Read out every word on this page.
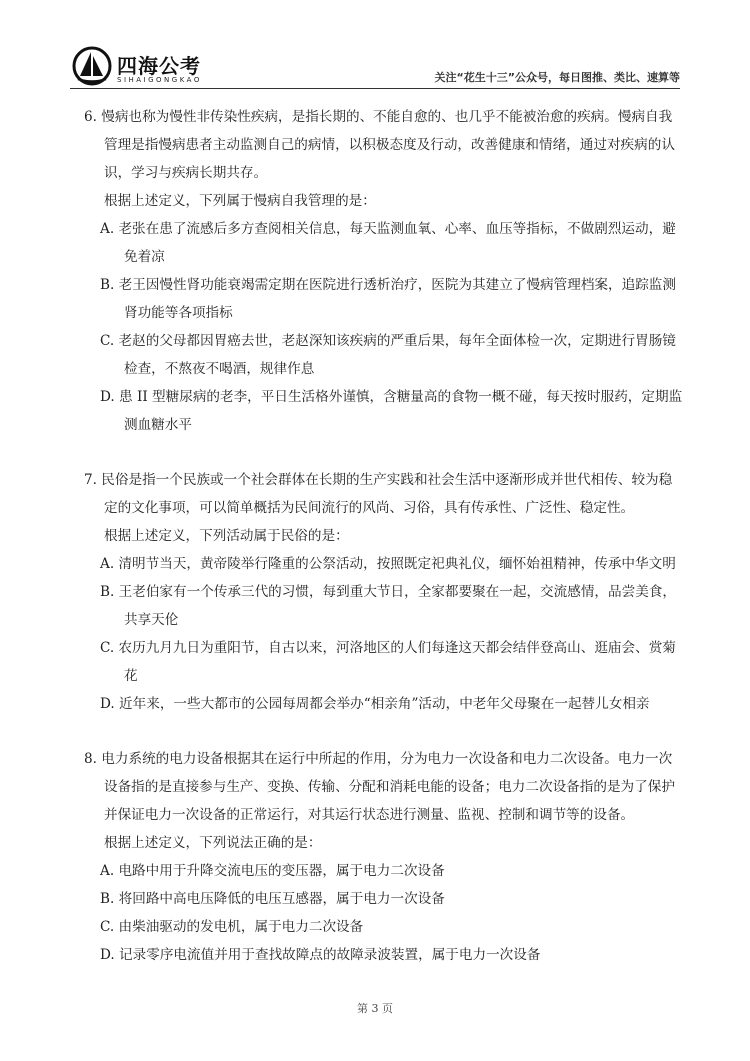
四海公考
SIHAIGONGKAO	关注“花生十三”公众号，每日图推、类比、速算等

6. 慢病也称为慢性非传染性疾病，是指长期的、不能自愈的、也几乎不能被治愈的疾病。慢病自我管理是指慢病患者主动监测自己的病情，以积极态度及行动，改善健康和情绪，通过对疾病的认识，学习与疾病长期共存。

根据上述定义，下列属于慢病自我管理的是：

A. 老张在患了流感后多方查阅相关信息，每天监测血氧、心率、血压等指标，不做剧烈运动，避免着凉

B. 老王因慢性肾功能衰竭需定期在医院进行透析治疗，医院为其建立了慢病管理档案，追踪监测肾功能等各项指标

C. 老赵的父母都因胃癌去世，老赵深知该疾病的严重后果，每年全面体检一次，定期进行胃肠镜检查，不熬夜不喝酒，规律作息

D. 患 II 型糖尿病的老李，平日生活格外谨慎，含糖量高的食物一概不碰，每天按时服药，定期监测血糖水平

7. 民俗是指一个民族或一个社会群体在长期的生产实践和社会生活中逐渐形成并世代相传、较为稳定的文化事项，可以简单概括为民间流行的风尚、习俗，具有传承性、广泛性、稳定性。

根据上述定义，下列活动属于民俗的是：

A. 清明节当天，黄帝陵举行隆重的公祭活动，按照既定祀典礼仪，缅怀始祖精神，传承中华文明

B. 王老伯家有一个传承三代的习惯，每到重大节日，全家都要聚在一起，交流感情，品尝美食，共享天伦

C. 农历九月九日为重阳节，自古以来，河洛地区的人们每逢这天都会结伴登高山、逛庙会、赏菊花

D. 近年来，一些大都市的公园每周都会举办“相亲角”活动，中老年父母聚在一起替儿女相亲

8. 电力系统的电力设备根据其在运行中所起的作用，分为电力一次设备和电力二次设备。电力一次设备指的是直接参与生产、变换、传输、分配和消耗电能的设备；电力二次设备指的是为了保护并保证电力一次设备的正常运行，对其运行状态进行测量、监视、控制和调节等的设备。

根据上述定义，下列说法正确的是：

A. 电路中用于升降交流电压的变压器，属于电力二次设备

B. 将回路中高电压降低的电压互感器，属于电力一次设备

C. 由柴油驱动的发电机，属于电力二次设备

D. 记录零序电流值并用于查找故障点的故障录波装置，属于电力一次设备

第 3 页
